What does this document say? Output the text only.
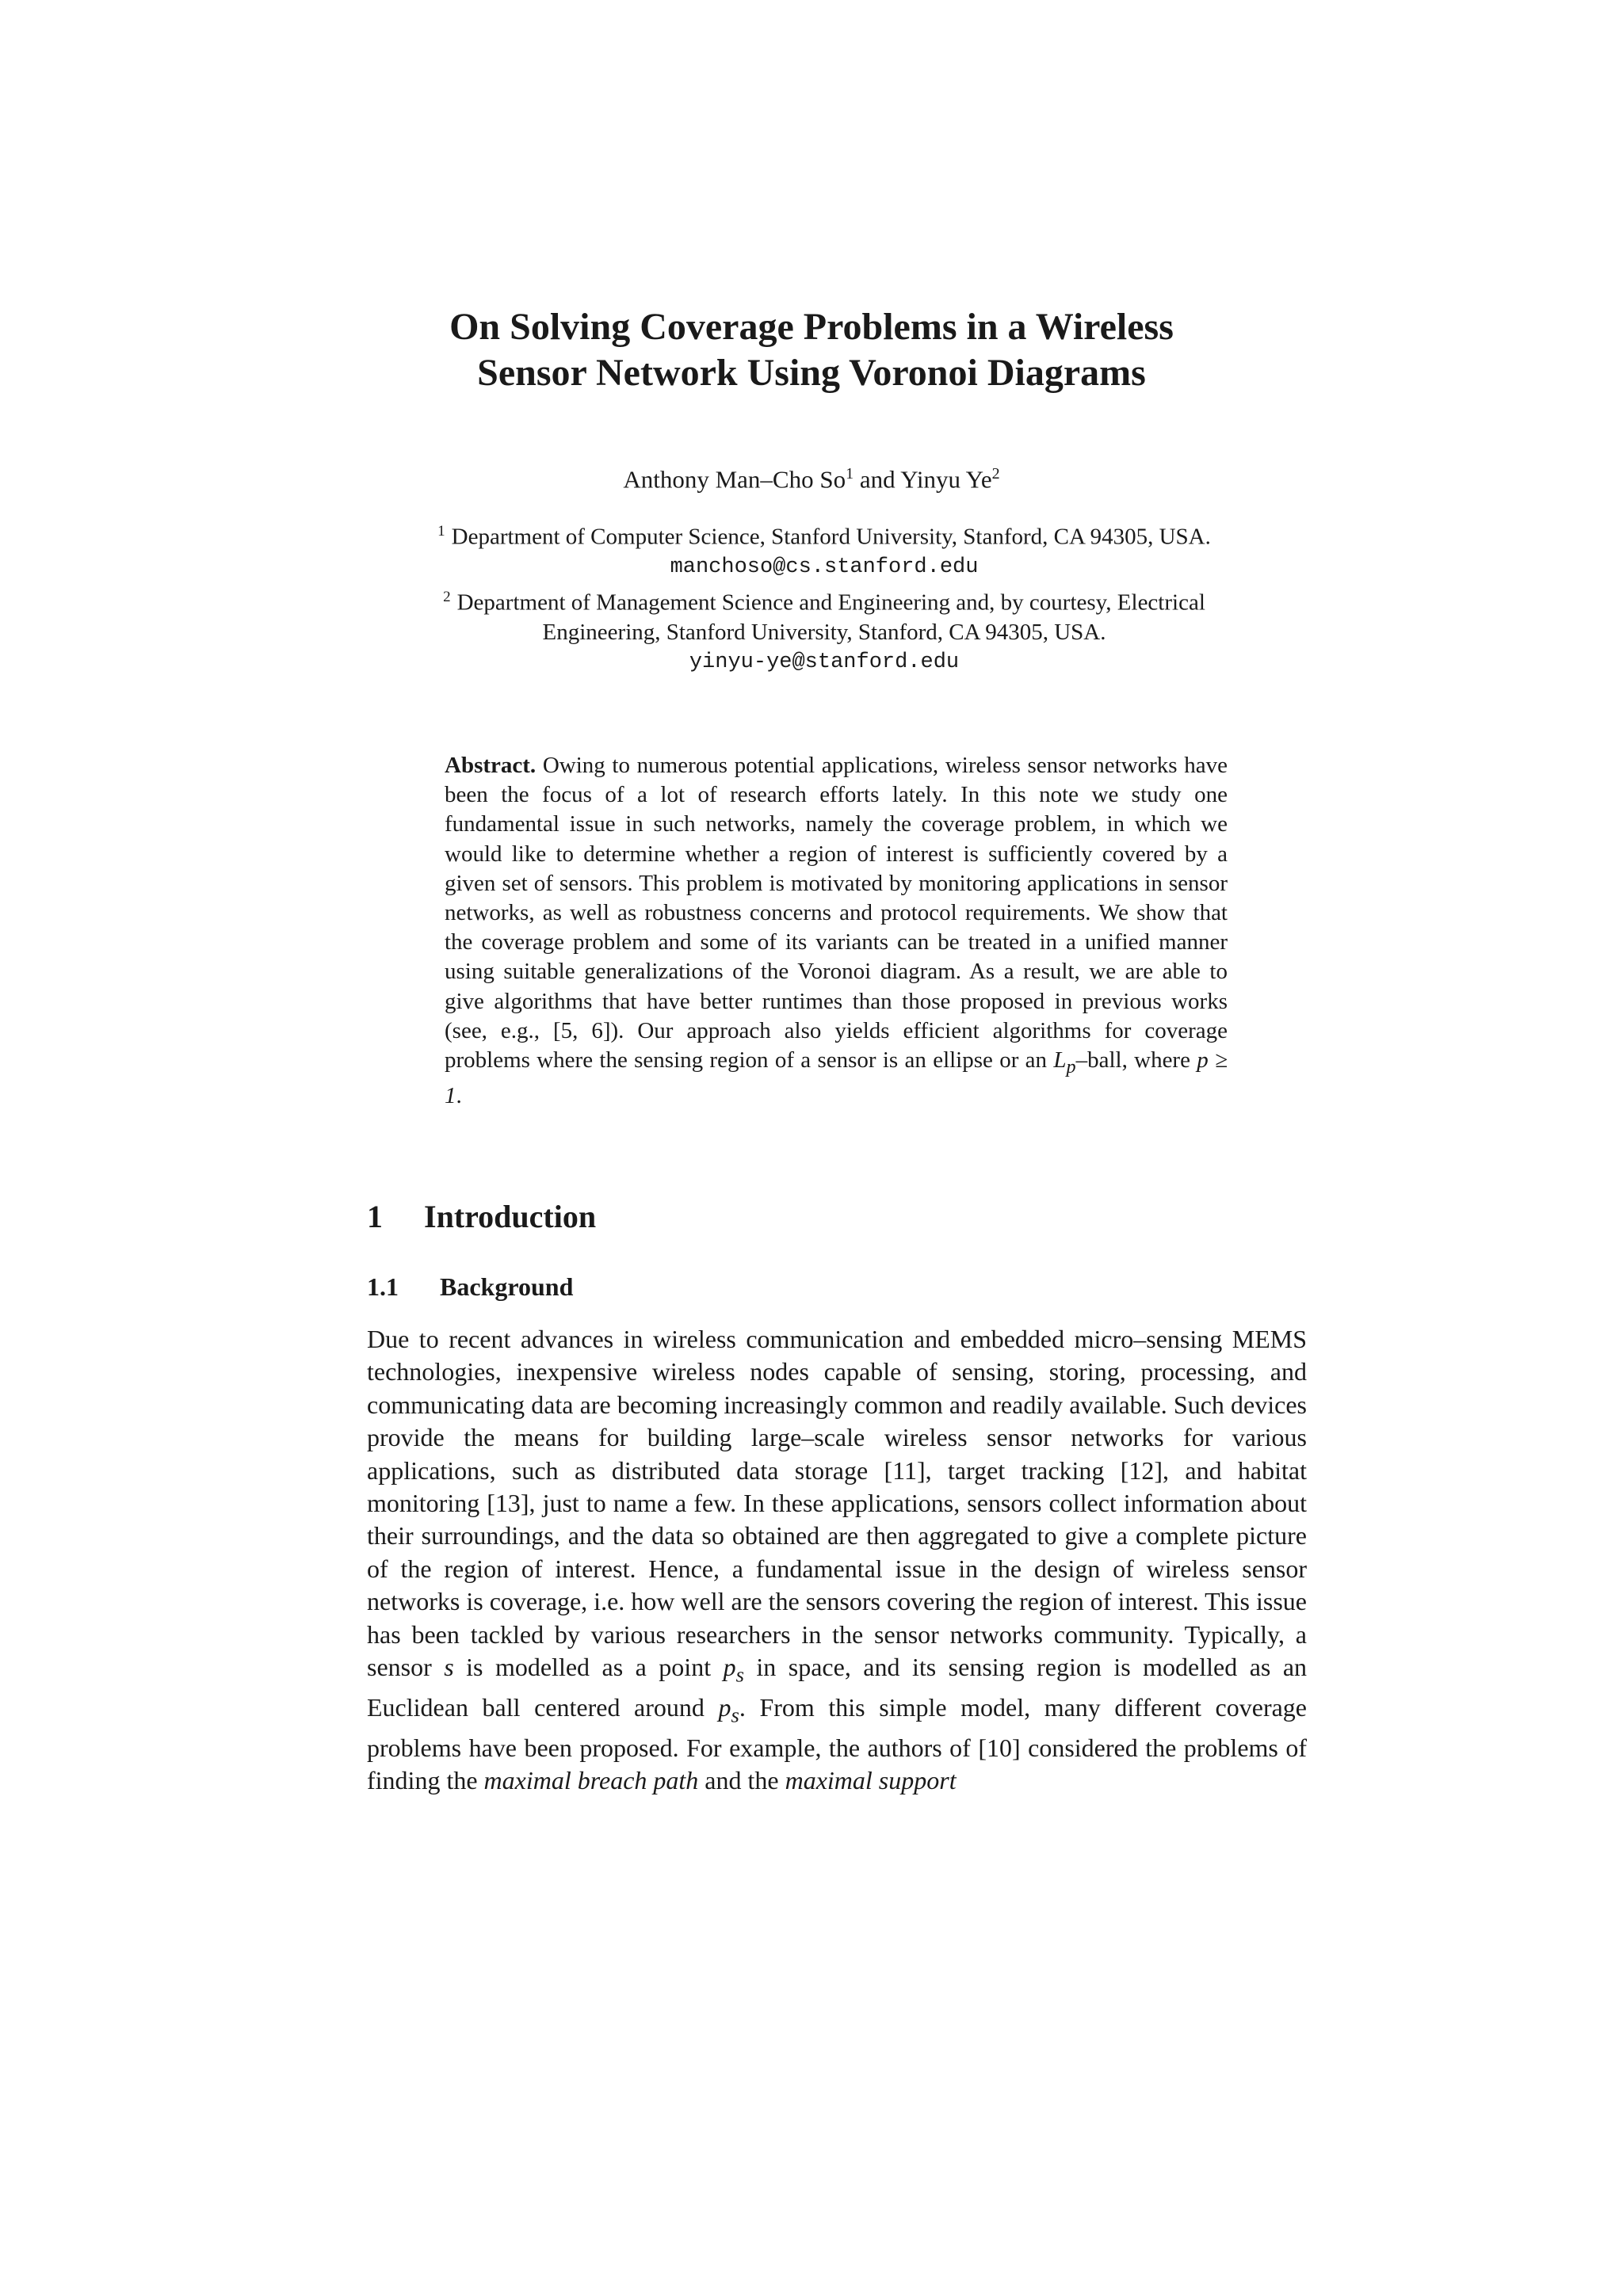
On Solving Coverage Problems in a Wireless
Sensor Network Using Voronoi Diagrams
Anthony Man–Cho So$^1$ and Yinyu Ye$^2$
$^1$ Department of Computer Science, Stanford University, Stanford, CA 94305, USA.
manchoso@cs.stanford.edu
$^2$ Department of Management Science and Engineering and, by courtesy, Electrical
Engineering, Stanford University, Stanford, CA 94305, USA.
yinyu-ye@stanford.edu
Abstract. Owing to numerous potential applications, wireless sensor networks have been the focus of a lot of research efforts lately. In this note we study one fundamental issue in such networks, namely the coverage problem, in which we would like to determine whether a region of interest is sufficiently covered by a given set of sensors. This problem is motivated by monitoring applications in sensor networks, as well as robustness concerns and protocol requirements. We show that the coverage problem and some of its variants can be treated in a unified manner using suitable generalizations of the Voronoi diagram. As a result, we are able to give algorithms that have better runtimes than those proposed in previous works (see, e.g., [5, 6]). Our approach also yields efficient algorithms for coverage problems where the sensing region of a sensor is an ellipse or an $L_p$–ball, where p ≥ 1.
1 Introduction
1.1 Background
Due to recent advances in wireless communication and embedded micro–sensing MEMS technologies, inexpensive wireless nodes capable of sensing, storing, processing, and communicating data are becoming increasingly common and readily available. Such devices provide the means for building large–scale wireless sensor networks for various applications, such as distributed data storage [11], target tracking [12], and habitat monitoring [13], just to name a few. In these applications, sensors collect information about their surroundings, and the data so obtained are then aggregated to give a complete picture of the region of interest. Hence, a fundamental issue in the design of wireless sensor networks is coverage, i.e. how well are the sensors covering the region of interest. This issue has been tackled by various researchers in the sensor networks community. Typically, a sensor s is modelled as a point $p_s$ in space, and its sensing region is modelled as an Euclidean ball centered around $p_s$. From this simple model, many different coverage problems have been proposed. For example, the authors of [10] considered the problems of finding the maximal breach path and the maximal support
